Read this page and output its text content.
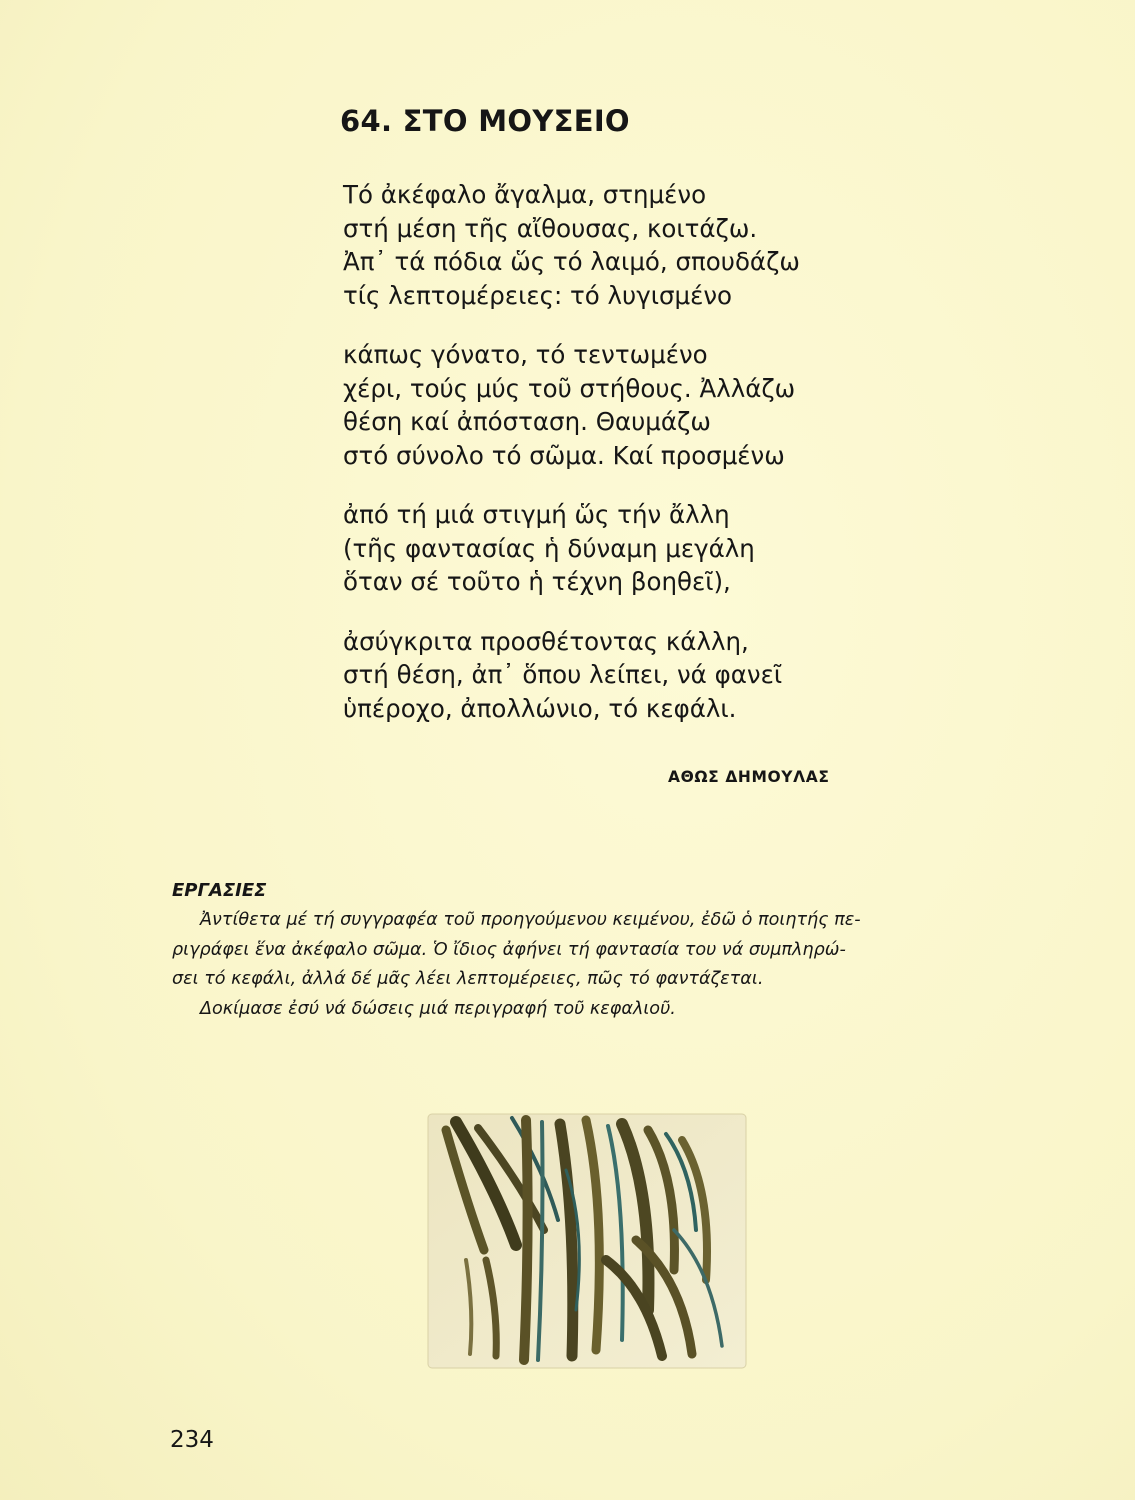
64. ΣΤΟ ΜΟΥΣΕΙΟ
Τό ἀκέφαλο ἄγαλμα, στημένο
στή μέση τῆς αἴθουσας, κοιτάζω.
Ἀπ᾿ τά πόδια ὥς τό λαιμό, σπουδάζω
τίς λεπτομέρειες: τό λυγισμένο
κάπως γόνατο, τό τεντωμένο
χέρι, τούς μύς τοῦ στήθους. Ἀλλάζω
θέση καί ἀπόσταση. Θαυμάζω
στό σύνολο τό σῶμα. Καί προσμένω
ἀπό τή μιά στιγμή ὥς τήν ἄλλη
(τῆς φαντασίας ἡ δύναμη μεγάλη
ὅταν σέ τοῦτο ἡ τέχνη βοηθεῖ),
ἀσύγκριτα προσθέτοντας κάλλη,
στή θέση, ἀπ᾿ ὅπου λείπει, νά φανεῖ
ὑπέροχο, ἀπολλώνιο, τό κεφάλι.
ΑΘΩΣ ΔΗΜΟΥΛΑΣ
ΕΡΓΑΣΙΕΣ
Ἀντίθετα μέ τή συγγραφέα τοῦ προηγούμενου κειμένου, ἐδῶ ὁ ποιητής πε-
ριγράφει ἕνα ἀκέφαλο σῶμα. Ὁ ἴδιος ἀφήνει τή φαντασία του νά συμπληρώ-
σει τό κεφάλι, ἀλλά δέ μᾶς λέει λεπτομέρειες, πῶς τό φαντάζεται.
Δοκίμασε ἐσύ νά δώσεις μιά περιγραφή τοῦ κεφαλιοῦ.
234
